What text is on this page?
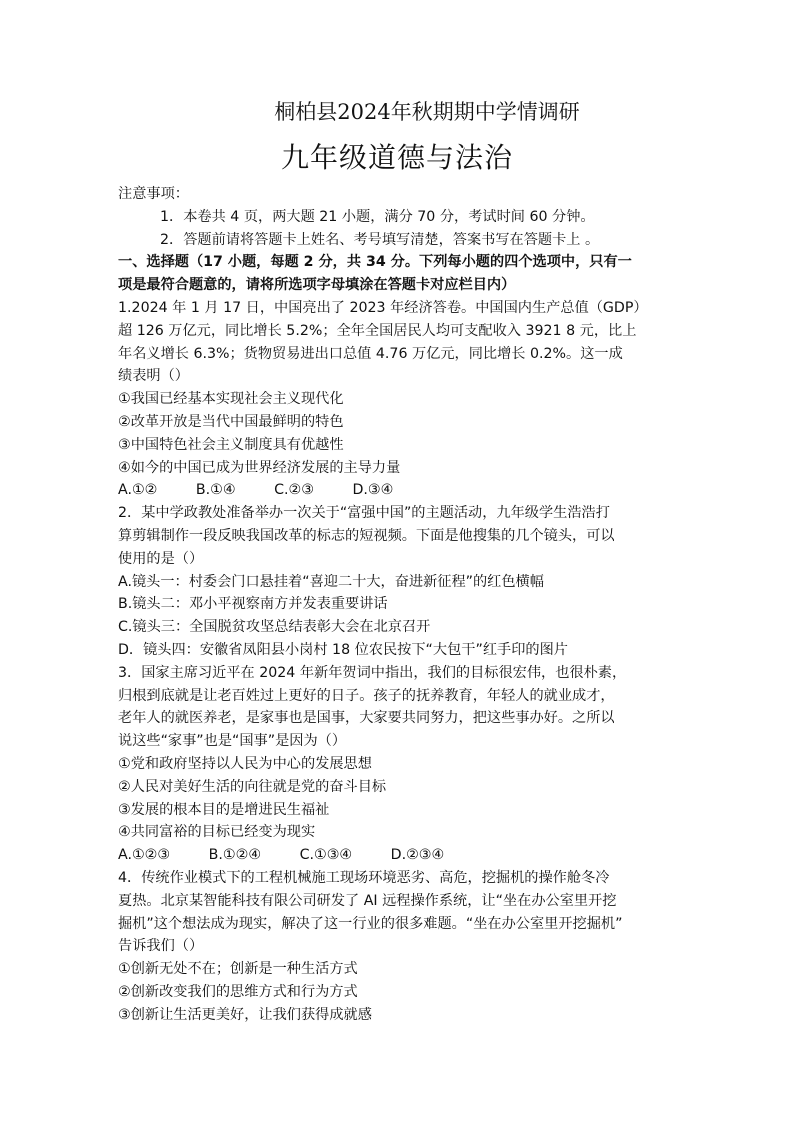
桐柏县2024年秋期期中学情调研
九年级道德与法治
注意事项：
1．本卷共 4 页，两大题 21 小题，满分 70 分，考试时间 60 分钟。
2．答题前请将答题卡上姓名、考号填写清楚，答案书写在答题卡上 。
一、选择题（17 小题，每题 2 分，共 34 分。下列每小题的四个选项中，只有一
项是最符合题意的，请将所选项字母填涂在答题卡对应栏目内）
1.2024 年 1 月 17 日，中国亮出了 2023 年经济答卷。中国国内生产总值（GDP）
超 126 万亿元，同比增长 5.2%；全年全国居民人均可支配收入 3921 8 元，比上
年名义增长 6.3%；货物贸易进出口总值 4.76 万亿元，同比增长 0.2%。这一成
绩表明（）
①我国已经基本实现社会主义现代化
②改革开放是当代中国最鲜明的特色
③中国特色社会主义制度具有优越性
④如今的中国已成为世界经济发展的主导力量
A.①②	B.①④	C.②③	D.③④
2．某中学政教处准备举办一次关于“富强中国”的主题活动，九年级学生浩浩打
算剪辑制作一段反映我国改革的标志的短视频。下面是他搜集的几个镜头，可以
使用的是（）
A.镜头一：村委会门口悬挂着“喜迎二十大，奋进新征程”的红色横幅
B.镜头二：邓小平视察南方并发表重要讲话
C.镜头三：全国脱贫攻坚总结表彰大会在北京召开
D．镜头四：安徽省凤阳县小岗村 18 位农民按下“大包干”红手印的图片
3．国家主席习近平在 2024 年新年贺词中指出，我们的目标很宏伟，也很朴素，
归根到底就是让老百姓过上更好的日子。孩子的抚养教育，年轻人的就业成才，
老年人的就医养老，是家事也是国事，大家要共同努力，把这些事办好。之所以
说这些“家事”也是“国事”是因为（）
①党和政府坚持以人民为中心的发展思想
②人民对美好生活的向往就是党的奋斗目标
③发展的根本目的是增进民生福祉
④共同富裕的目标已经变为现实
A.①②③	B.①②④	C.①③④	D.②③④
4．传统作业模式下的工程机械施工现场环境恶劣、高危，挖掘机的操作舱冬冷
夏热。北京某智能科技有限公司研发了 AI 远程操作系统，让“坐在办公室里开挖
掘机”这个想法成为现实，解决了这一行业的很多难题。“坐在办公室里开挖掘机”
告诉我们（）
①创新无处不在；创新是一种生活方式
②创新改变我们的思维方式和行为方式
③创新让生活更美好，让我们获得成就感
